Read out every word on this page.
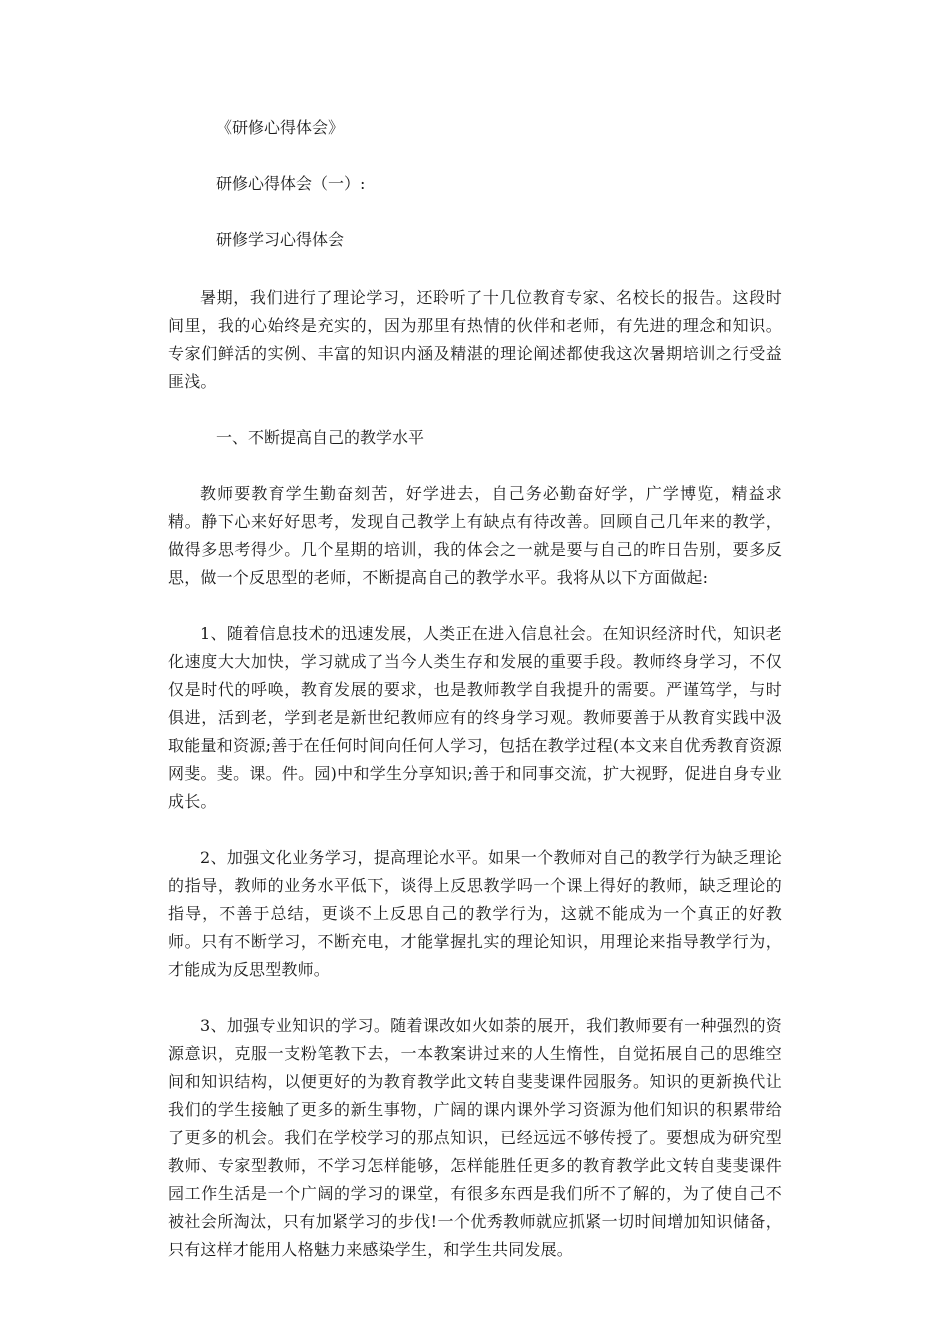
《研修心得体会》

研修心得体会（一）:

研修学习心得体会

暑期，我们进行了理论学习，还聆听了十几位教育专家、名校长的报告。这段时间里，我的心始终是充实的，因为那里有热情的伙伴和老师，有先进的理念和知识。专家们鲜活的实例、丰富的知识内涵及精湛的理论阐述都使我这次暑期培训之行受益匪浅。

一、不断提高自己的教学水平

教师要教育学生勤奋刻苦，好学进去，自己务必勤奋好学，广学博览，精益求精。静下心来好好思考，发现自己教学上有缺点有待改善。回顾自己几年来的教学，做得多思考得少。几个星期的培训，我的体会之一就是要与自己的昨日告别，要多反思，做一个反思型的老师，不断提高自己的教学水平。我将从以下方面做起:

1、随着信息技术的迅速发展，人类正在进入信息社会。在知识经济时代，知识老化速度大大加快，学习就成了当今人类生存和发展的重要手段。教师终身学习，不仅仅是时代的呼唤，教育发展的要求，也是教师教学自我提升的需要。严谨笃学，与时俱进，活到老，学到老是新世纪教师应有的终身学习观。教师要善于从教育实践中汲取能量和资源;善于在任何时间向任何人学习，包括在教学过程(本文来自优秀教育资源网斐。斐。课。件。园)中和学生分享知识;善于和同事交流，扩大视野，促进自身专业成长。

2、加强文化业务学习，提高理论水平。如果一个教师对自己的教学行为缺乏理论的指导，教师的业务水平低下，谈得上反思教学吗一个课上得好的教师，缺乏理论的指导，不善于总结，更谈不上反思自己的教学行为，这就不能成为一个真正的好教师。只有不断学习，不断充电，才能掌握扎实的理论知识，用理论来指导教学行为，才能成为反思型教师。

3、加强专业知识的学习。随着课改如火如荼的展开，我们教师要有一种强烈的资源意识，克服一支粉笔教下去，一本教案讲过来的人生惰性，自觉拓展自己的思维空间和知识结构，以便更好的为教育教学此文转自斐斐课件园服务。知识的更新换代让我们的学生接触了更多的新生事物，广阔的课内课外学习资源为他们知识的积累带给了更多的机会。我们在学校学习的那点知识，已经远远不够传授了。要想成为研究型教师、专家型教师，不学习怎样能够，怎样能胜任更多的教育教学此文转自斐斐课件园工作生活是一个广阔的学习的课堂，有很多东西是我们所不了解的，为了使自己不被社会所淘汰，只有加紧学习的步伐!一个优秀教师就应抓紧一切时间增加知识储备，只有这样才能用人格魅力来感染学生，和学生共同发展。
